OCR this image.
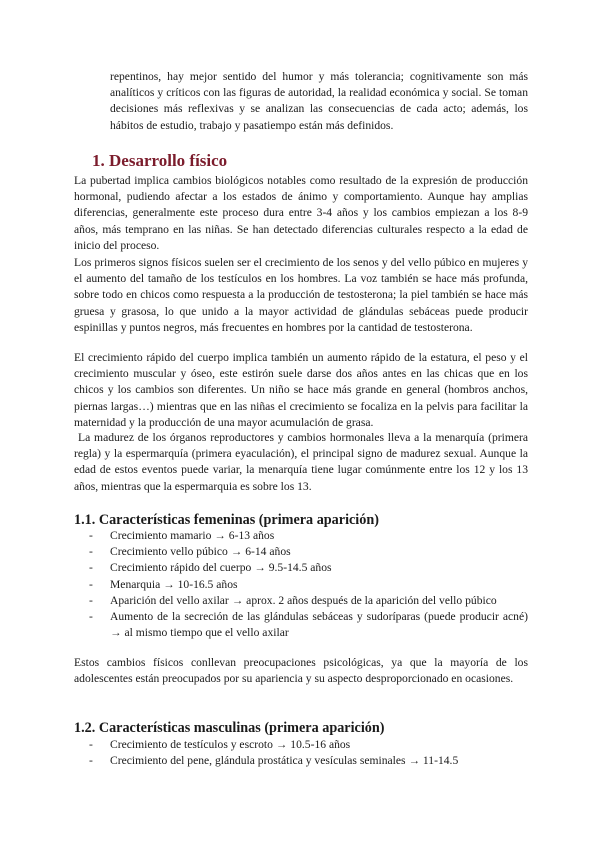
repentinos, hay mejor sentido del humor y más tolerancia; cognitivamente son más analíticos y críticos con las figuras de autoridad, la realidad económica y social. Se toman decisiones más reflexivas y se analizan las consecuencias de cada acto; además, los hábitos de estudio, trabajo y pasatiempo están más definidos.

1. Desarrollo físico

La pubertad implica cambios biológicos notables como resultado de la expresión de producción hormonal, pudiendo afectar a los estados de ánimo y comportamiento. Aunque hay amplias diferencias, generalmente este proceso dura entre 3-4 años y los cambios empiezan a los 8-9 años, más temprano en las niñas. Se han detectado diferencias culturales respecto a la edad de inicio del proceso.

Los primeros signos físicos suelen ser el crecimiento de los senos y del vello púbico en mujeres y el aumento del tamaño de los testículos en los hombres. La voz también se hace más profunda, sobre todo en chicos como respuesta a la producción de testosterona; la piel también se hace más gruesa y grasosa, lo que unido a la mayor actividad de glándulas sebáceas puede producir espinillas y puntos negros, más frecuentes en hombres por la cantidad de testosterona.

El crecimiento rápido del cuerpo implica también un aumento rápido de la estatura, el peso y el crecimiento muscular y óseo, este estirón suele darse dos años antes en las chicas que en los chicos y los cambios son diferentes. Un niño se hace más grande en general (hombros anchos, piernas largas…) mientras que en las niñas el crecimiento se focaliza en la pelvis para facilitar la maternidad y la producción de una mayor acumulación de grasa.

La madurez de los órganos reproductores y cambios hormonales lleva a la menarquía (primera regla) y la espermarquía (primera eyaculación), el principal signo de madurez sexual. Aunque la edad de estos eventos puede variar, la menarquía tiene lugar comúnmente entre los 12 y los 13 años, mientras que la espermarquia es sobre los 13.

1.1. Características femeninas (primera aparición)
- Crecimiento mamario → 6-13 años
- Crecimiento vello púbico → 6-14 años
- Crecimiento rápido del cuerpo → 9.5-14.5 años
- Menarquia → 10-16.5 años
- Aparición del vello axilar → aprox. 2 años después de la aparición del vello púbico
- Aumento de la secreción de las glándulas sebáceas y sudoríparas (puede producir acné) → al mismo tiempo que el vello axilar

Estos cambios físicos conllevan preocupaciones psicológicas, ya que la mayoría de los adolescentes están preocupados por su apariencia y su aspecto desproporcionado en ocasiones.

1.2. Características masculinas (primera aparición)
- Crecimiento de testículos y escroto → 10.5-16 años
- Crecimiento del pene, glándula prostática y vesículas seminales → 11-14.5
